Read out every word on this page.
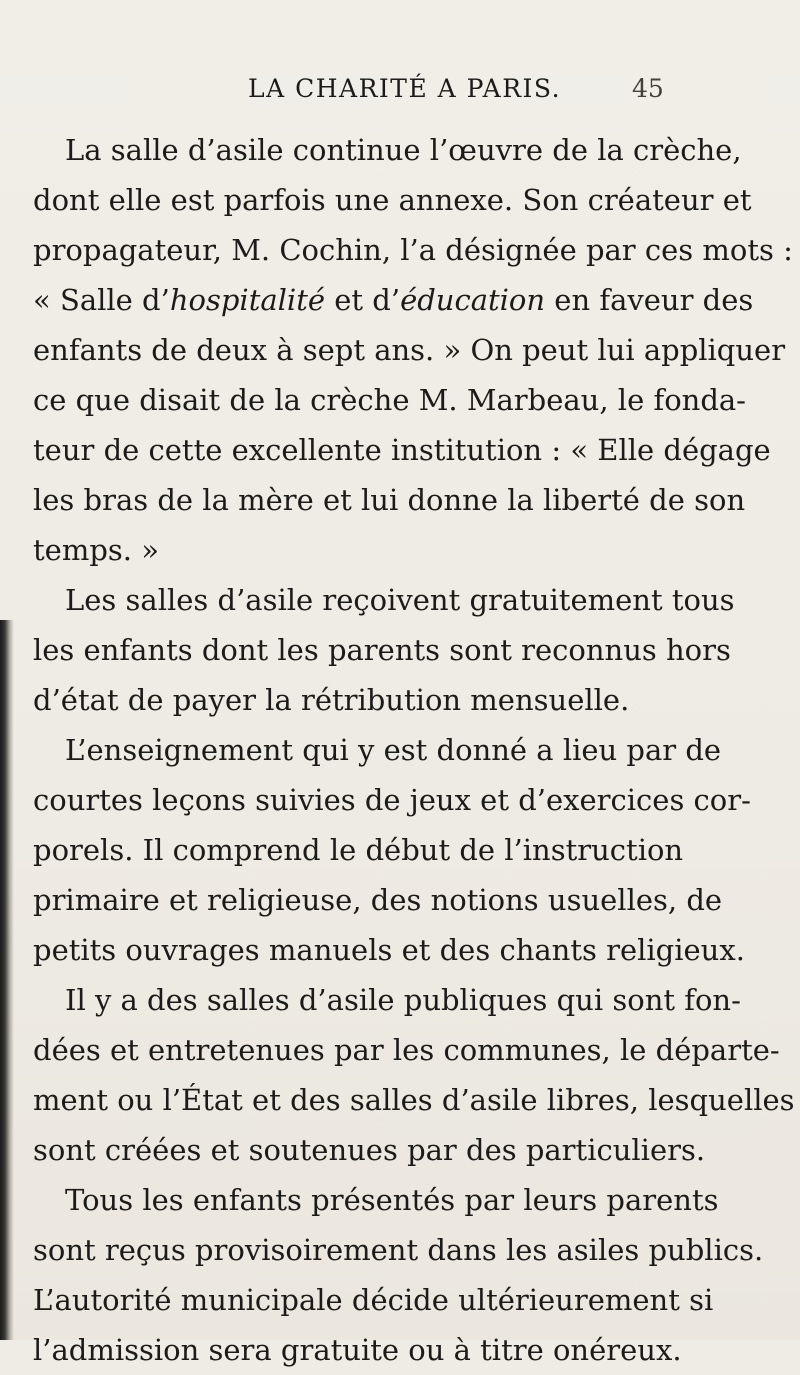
LA CHARITÉ A PARIS.	45
La salle d’asile continue l’œuvre de la crèche,
dont elle est parfois une annexe. Son créateur et
propagateur, M. Cochin, l’a désignée par ces mots :
« Salle d’hospitalité et d’éducation en faveur des
enfants de deux à sept ans. » On peut lui appliquer
ce que disait de la crèche M. Marbeau, le fonda-
teur de cette excellente institution : « Elle dégage
les bras de la mère et lui donne la liberté de son
temps. »
Les salles d’asile reçoivent gratuitement tous
les enfants dont les parents sont reconnus hors
d’état de payer la rétribution mensuelle.
L’enseignement qui y est donné a lieu par de
courtes leçons suivies de jeux et d’exercices cor-
porels. Il comprend le début de l’instruction
primaire et religieuse, des notions usuelles, de
petits ouvrages manuels et des chants religieux.
Il y a des salles d’asile publiques qui sont fon-
dées et entretenues par les communes, le départe-
ment ou l’État et des salles d’asile libres, lesquelles
sont créées et soutenues par des particuliers.
Tous les enfants présentés par leurs parents
sont reçus provisoirement dans les asiles publics.
L’autorité municipale décide ultérieurement si
l’admission sera gratuite ou à titre onéreux.
